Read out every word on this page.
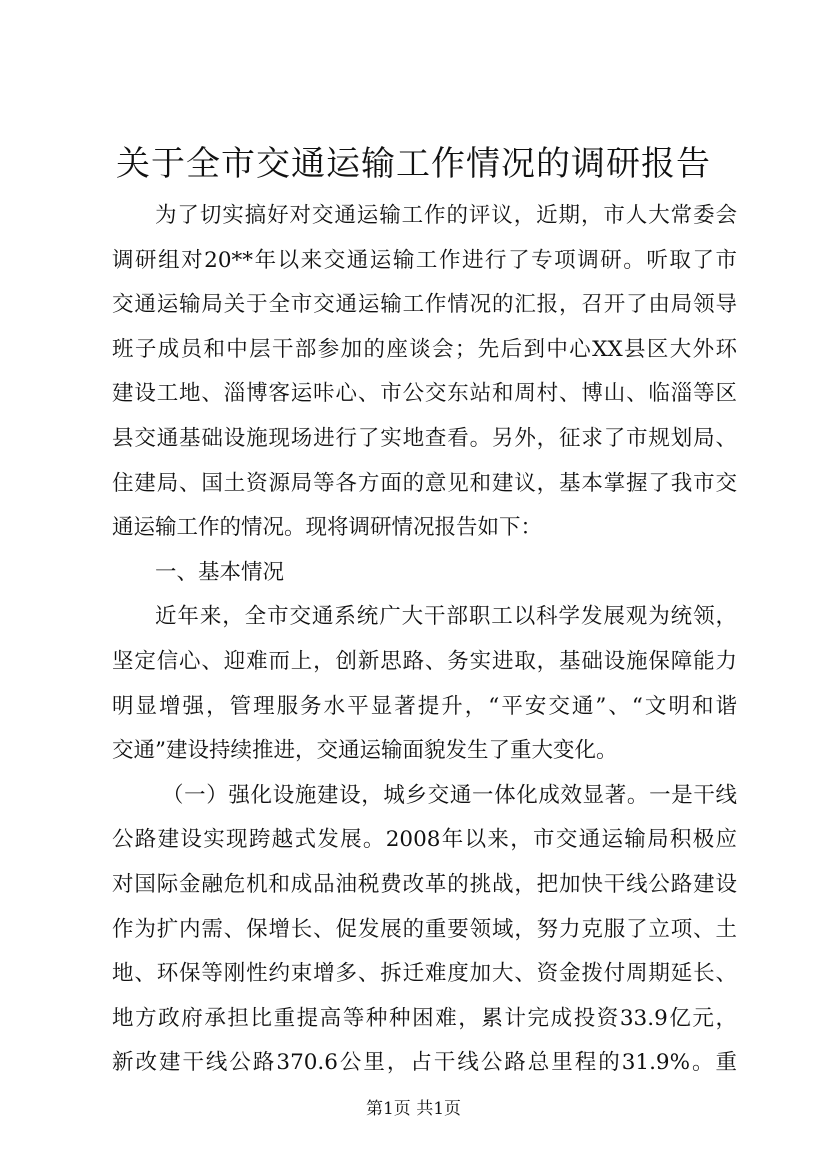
关于全市交通运输工作情况的调研报告
为了切实搞好对交通运输工作的评议，近期，市人大常委会
调研组对20**年以来交通运输工作进行了专项调研。听取了市
交通运输局关于全市交通运输工作情况的汇报，召开了由局领导
班子成员和中层干部参加的座谈会；先后到中心XX县区大外环
建设工地、淄博客运咔心、市公交东站和周村、博山、临淄等区
县交通基础设施现场进行了实地查看。另外，征求了市规划局、
住建局、国土资源局等各方面的意见和建议，基本掌握了我市交
通运输工作的情况。现将调研情况报告如下：
一、基本情况
近年来，全市交通系统广大干部职工以科学发展观为统领，
坚定信心、迎难而上，创新思路、务实进取，基础设施保障能力
明显增强，管理服务水平显著提升，“平安交通”、“文明和谐
交通”建设持续推进，交通运输面貌发生了重大变化。
（一）强化设施建设，城乡交通一体化成效显著。一是干线
公路建设实现跨越式发展。2008年以来，市交通运输局积极应
对国际金融危机和成品油税费改革的挑战，把加快干线公路建设
作为扩内需、保增长、促发展的重要领域，努力克服了立项、土
地、环保等刚性约束增多、拆迁难度加大、资金拨付周期延长、
地方政府承担比重提高等种种困难，累计完成投资33.9亿元，
新改建干线公路370.6公里，占干线公路总里程的31.9%。重
第1页 共1页
